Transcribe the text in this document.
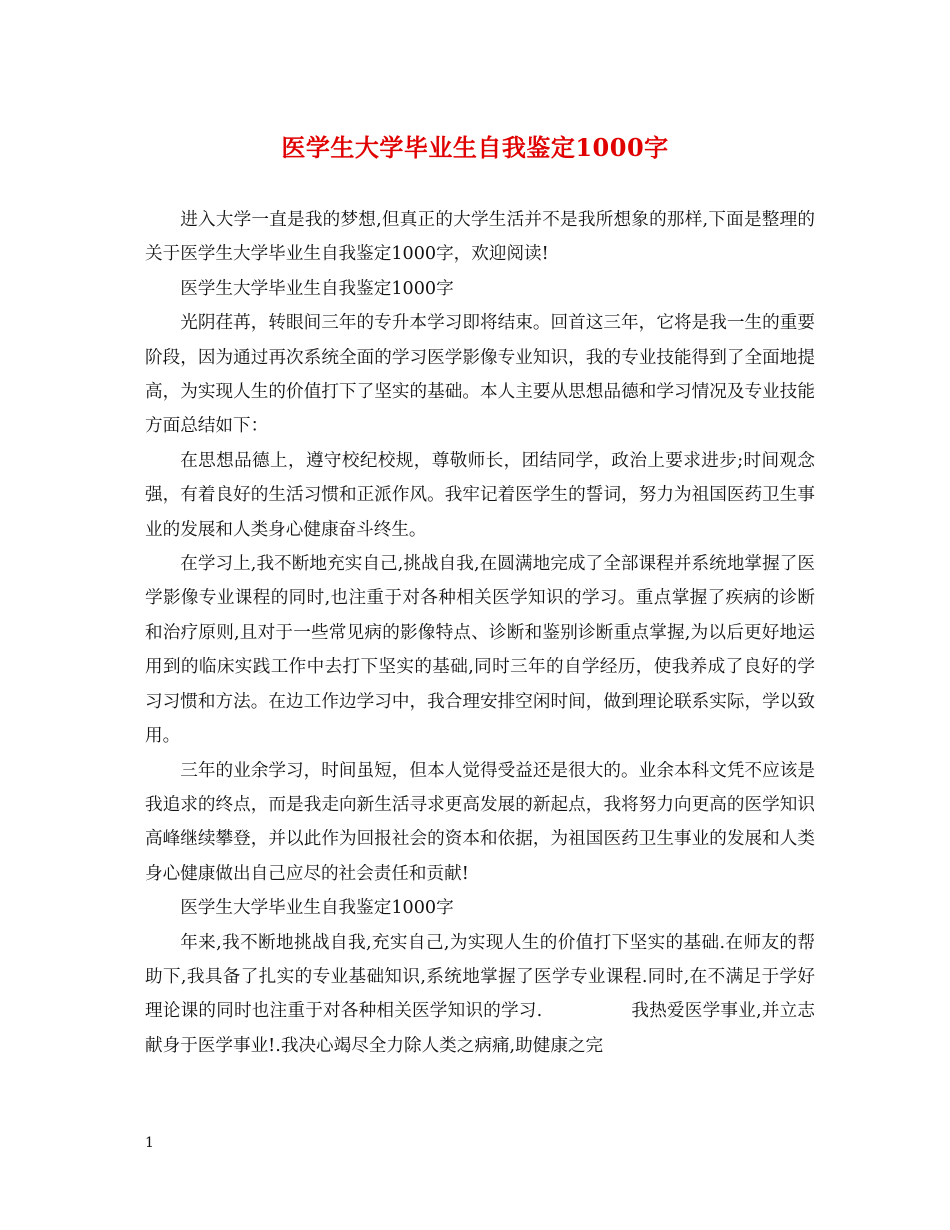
医学生大学毕业生自我鉴定1000字

进入大学一直是我的梦想,但真正的大学生活并不是我所想象的那样,下面是整理的关于医学生大学毕业生自我鉴定1000字，欢迎阅读!

医学生大学毕业生自我鉴定1000字

光阴荏苒，转眼间三年的专升本学习即将结束。回首这三年，它将是我一生的重要阶段，因为通过再次系统全面的学习医学影像专业知识，我的专业技能得到了全面地提高，为实现人生的价值打下了坚实的基础。本人主要从思想品德和学习情况及专业技能方面总结如下：

在思想品德上，遵守校纪校规，尊敬师长，团结同学，政治上要求进步;时间观念强，有着良好的生活习惯和正派作风。我牢记着医学生的誓词，努力为祖国医药卫生事业的发展和人类身心健康奋斗终生。

在学习上,我不断地充实自己,挑战自我,在圆满地完成了全部课程并系统地掌握了医学影像专业课程的同时,也注重于对各种相关医学知识的学习。重点掌握了疾病的诊断和治疗原则,且对于一些常见病的影像特点、诊断和鉴别诊断重点掌握,为以后更好地运用到的临床实践工作中去打下坚实的基础,同时三年的自学经历，使我养成了良好的学习习惯和方法。在边工作边学习中，我合理安排空闲时间，做到理论联系实际，学以致用。

三年的业余学习，时间虽短，但本人觉得受益还是很大的。业余本科文凭不应该是我追求的终点，而是我走向新生活寻求更高发展的新起点，我将努力向更高的医学知识高峰继续攀登，并以此作为回报社会的资本和依据，为祖国医药卫生事业的发展和人类身心健康做出自己应尽的社会责任和贡献!

医学生大学毕业生自我鉴定1000字

年来,我不断地挑战自我,充实自己,为实现人生的价值打下坚实的基础.在师友的帮助下,我具备了扎实的专业基础知识,系统地掌握了医学专业课程.同时,在不满足于学好理论课的同时也注重于对各种相关医学知识的学习.　　　　　我热爱医学事业,并立志献身于医学事业!.我决心竭尽全力除人类之病痛,助健康之完

1
